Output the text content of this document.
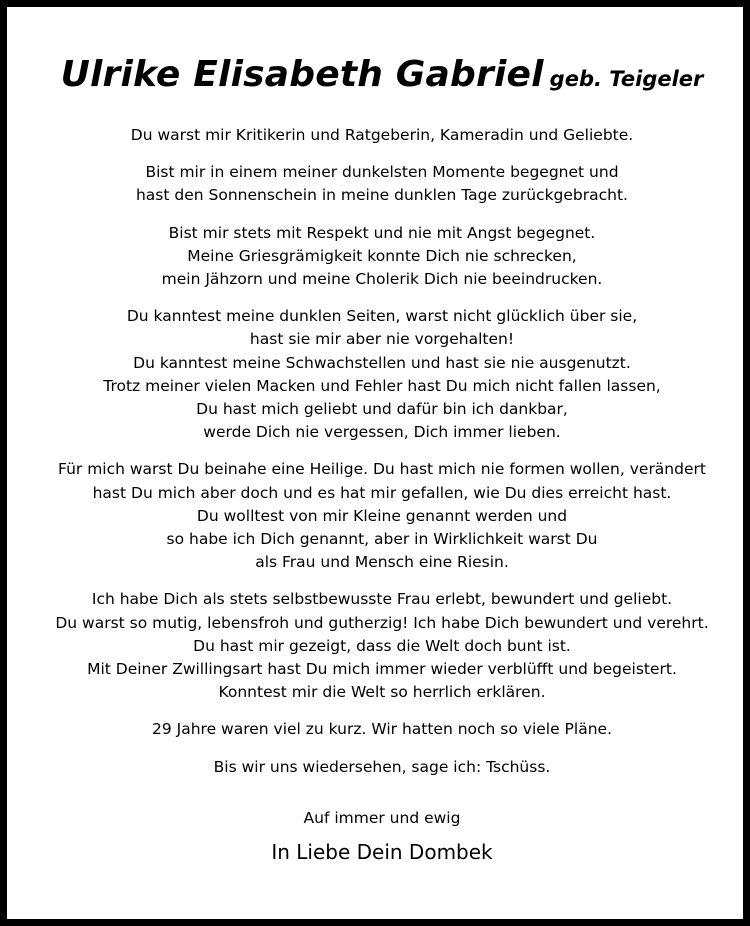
Ulrike Elisabeth Gabriel geb. Teigeler
Du warst mir Kritikerin und Ratgeberin, Kameradin und Geliebte.
Bist mir in einem meiner dunkelsten Momente begegnet und
hast den Sonnenschein in meine dunklen Tage zurückgebracht.
Bist mir stets mit Respekt und nie mit Angst begegnet.
Meine Griesgrämigkeit konnte Dich nie schrecken,
mein Jähzorn und meine Cholerik Dich nie beeindrucken.
Du kanntest meine dunklen Seiten, warst nicht glücklich über sie,
hast sie mir aber nie vorgehalten!
Du kanntest meine Schwachstellen und hast sie nie ausgenutzt.
Trotz meiner vielen Macken und Fehler hast Du mich nicht fallen lassen,
Du hast mich geliebt und dafür bin ich dankbar,
werde Dich nie vergessen, Dich immer lieben.
Für mich warst Du beinahe eine Heilige. Du hast mich nie formen wollen, verändert
hast Du mich aber doch und es hat mir gefallen, wie Du dies erreicht hast.
Du wolltest von mir Kleine genannt werden und
so habe ich Dich genannt, aber in Wirklichkeit warst Du
als Frau und Mensch eine Riesin.
Ich habe Dich als stets selbstbewusste Frau erlebt, bewundert und geliebt.
Du warst so mutig, lebensfroh und gutherzig! Ich habe Dich bewundert und verehrt.
Du hast mir gezeigt, dass die Welt doch bunt ist.
Mit Deiner Zwillingsart hast Du mich immer wieder verblüfft und begeistert.
Konntest mir die Welt so herrlich erklären.
29 Jahre waren viel zu kurz. Wir hatten noch so viele Pläne.
Bis wir uns wiedersehen, sage ich: Tschüss.
Auf immer und ewig
In Liebe Dein Dombek
